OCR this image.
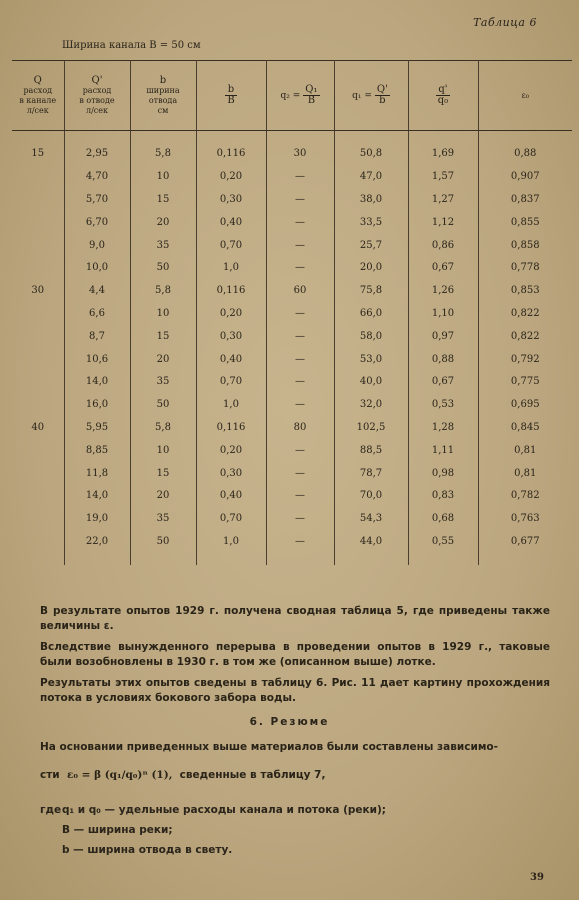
Таблица 6
Ширина канала B = 50 см
Q
расход
в канале
л/сек	Q'
расход
в отводе
л/сек	b
ширина
отвода
см	$\frac{b}{B}$	$q_2 = \frac{\text{Q₁}}{B}$	$q_1 = \frac{Q'}{b}$	$\frac{q'}{\text{q₀}}$	ε₀

15	2,95	5,8	0,116	30	50,8	1,69	0,88
	4,70	10	0,20	—	47,0	1,57	0,907
	5,70	15	0,30	—	38,0	1,27	0,837
	6,70	20	0,40	—	33,5	1,12	0,855
	9,0	35	0,70	—	25,7	0,86	0,858
	10,0	50	1,0	—	20,0	0,67	0,778
30	4,4	5,8	0,116	60	75,8	1,26	0,853
	6,6	10	0,20	—	66,0	1,10	0,822
	8,7	15	0,30	—	58,0	0,97	0,822
	10,6	20	0,40	—	53,0	0,88	0,792
	14,0	35	0,70	—	40,0	0,67	0,775
	16,0	50	1,0	—	32,0	0,53	0,695
40	5,95	5,8	0,116	80	102,5	1,28	0,845
	8,85	10	0,20	—	88,5	1,11	0,81
	11,8	15	0,30	—	78,7	0,98	0,81
	14,0	20	0,40	—	70,0	0,83	0,782
	19,0	35	0,70	—	54,3	0,68	0,763
	22,0	50	1,0	—	44,0	0,55	0,677

В результате опытов 1929 г. получена сводная таблица 5, где приведены также величины ε.
Вследствие вынужденного перерыва в проведении опытов в 1929 г., таковые были возобновлены в 1930 г. в том же (описанном выше) лотке.
Результаты этих опытов сведены в таблицу 6. Рис. 11 дает картину прохождения потока в условиях бокового забора воды.
6. Резюме
На основании приведенных выше материалов были составлены зависимо-
сти ε₀ = β (q₁/q₀)ⁿ (1), сведенные в таблицу 7,
где q₁ и q₀ — удельные расходы канала и потока (реки);
B — ширина реки;
b — ширина отвода в свету.
39
